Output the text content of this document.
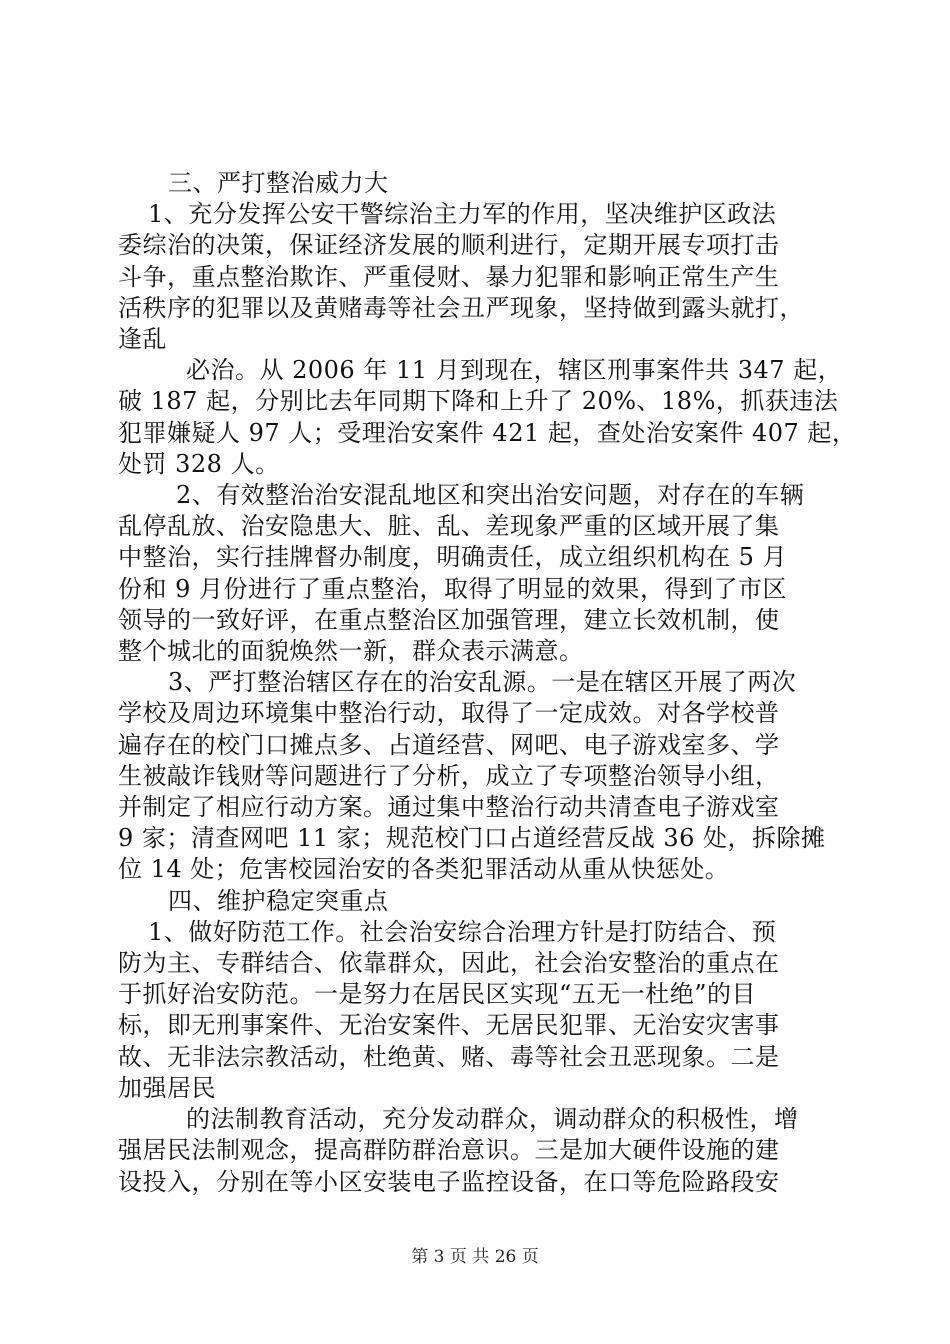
三、严打整治威力大
1、充分发挥公安干警综治主力军的作用，坚决维护区政法
委综治的决策，保证经济发展的顺利进行，定期开展专项打击
斗争，重点整治欺诈、严重侵财、暴力犯罪和影响正常生产生
活秩序的犯罪以及黄赌毒等社会丑严现象，坚持做到露头就打，
逢乱
必治。从 2006 年 11 月到现在，辖区刑事案件共 347 起，
破 187 起，分别比去年同期下降和上升了 20%、18%，抓获违法
犯罪嫌疑人 97 人；受理治安案件 421 起，查处治安案件 407 起，
处罚 328 人。
2、有效整治治安混乱地区和突出治安问题，对存在的车辆
乱停乱放、治安隐患大、脏、乱、差现象严重的区域开展了集
中整治，实行挂牌督办制度，明确责任，成立组织机构在 5 月
份和 9 月份进行了重点整治，取得了明显的效果，得到了市区
领导的一致好评，在重点整治区加强管理，建立长效机制，使
整个城北的面貌焕然一新，群众表示满意。
3、严打整治辖区存在的治安乱源。一是在辖区开展了两次
学校及周边环境集中整治行动，取得了一定成效。对各学校普
遍存在的校门口摊点多、占道经营、网吧、电子游戏室多、学
生被敲诈钱财等问题进行了分析，成立了专项整治领导小组，
并制定了相应行动方案。通过集中整治行动共清查电子游戏室
9 家；清查网吧 11 家；规范校门口占道经营反战 36 处，拆除摊
位 14 处；危害校园治安的各类犯罪活动从重从快惩处。
四、维护稳定突重点
1、做好防范工作。社会治安综合治理方针是打防结合、预
防为主、专群结合、依靠群众，因此，社会治安整治的重点在
于抓好治安防范。一是努力在居民区实现“五无一杜绝”的目
标，即无刑事案件、无治安案件、无居民犯罪、无治安灾害事
故、无非法宗教活动，杜绝黄、赌、毒等社会丑恶现象。二是
加强居民
的法制教育活动，充分发动群众，调动群众的积极性，增
强居民法制观念，提高群防群治意识。三是加大硬件设施的建
设投入，分别在等小区安装电子监控设备，在口等危险路段安
第 3 页 共 26 页
